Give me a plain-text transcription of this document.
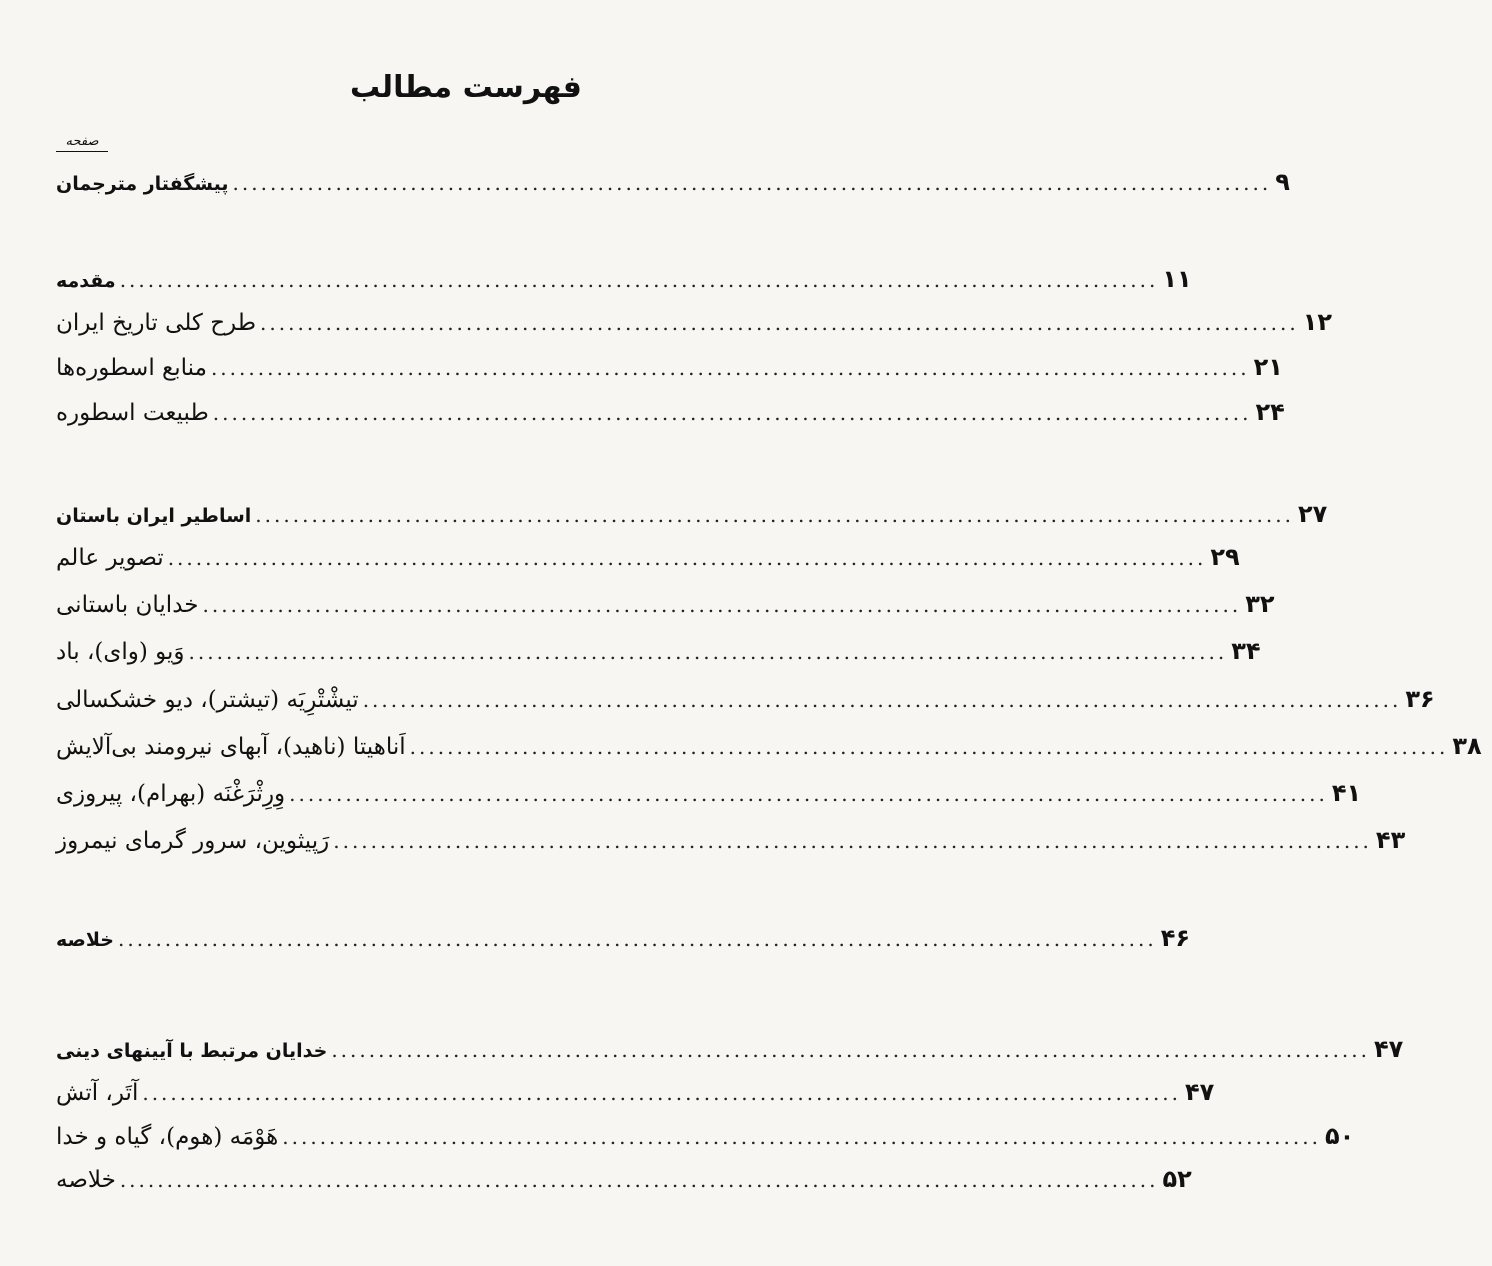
فهرست مطالب
صفحه
پیشگفتار مترجمان ............................................................................................................... ۹
مقدمه ............................................................................................................... ۱۱
طرح کلی تاریخ ایران ............................................................................................................... ۱۲
منابع اسطوره‌ها ............................................................................................................... ۲۱
طبیعت اسطوره ............................................................................................................... ۲۴
اساطیر ایران باستان ............................................................................................................... ۲۷
تصویر عالم ............................................................................................................... ۲۹
خدایان باستانی ............................................................................................................... ۳۲
وَیو (وای)، باد ............................................................................................................... ۳۴
تیشْتْرِیَه (تیشتر)، دیو خشکسالی ............................................................................................................... ۳۶
اَناهیتا (ناهید)، آبهای نیرومند بی‌آلایش ............................................................................................................... ۳۸
وِرِثْرَغْنَه (بهرام)، پیروزی ............................................................................................................... ۴۱
رَپیثوین، سرور گرمای نیمروز ............................................................................................................... ۴۳
خلاصه ............................................................................................................... ۴۶
خدایان مرتبط با آیینهای دینی ............................................................................................................... ۴۷
آتَر، آتش ............................................................................................................... ۴۷
هَوْمَه (هوم)، گیاه و خدا ............................................................................................................... ۵۰
خلاصه ............................................................................................................... ۵۲
